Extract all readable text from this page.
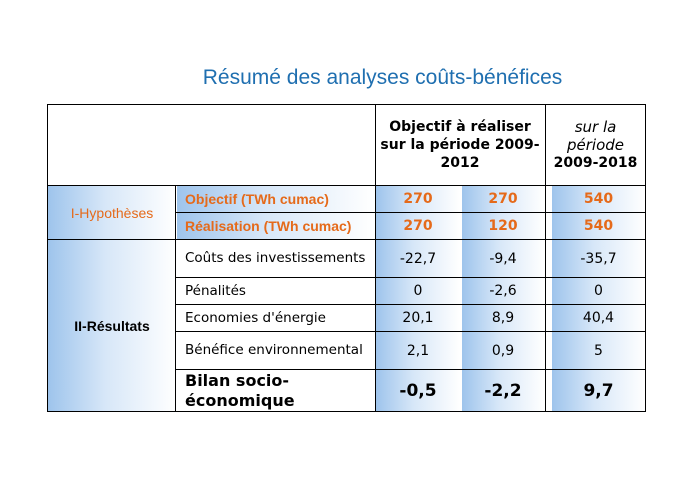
Résumé des analyses coûts-bénéfices
Objectif à réaliser sur la période 2009-2012
sur la
période
2009-2018
I-Hypothèses
II-Résultats
Objectif (TWh cumac)
Réalisation (TWh cumac)
Coûts des investissements
Pénalités
Economies d'énergie
Bénéfice environnemental
Bilan socio-économique
270
270
-22,7
0
20,1
2,1
-0,5
270
120
-9,4
-2,6
8,9
0,9
-2,2
540
540
-35,7
0
40,4
5
9,7
